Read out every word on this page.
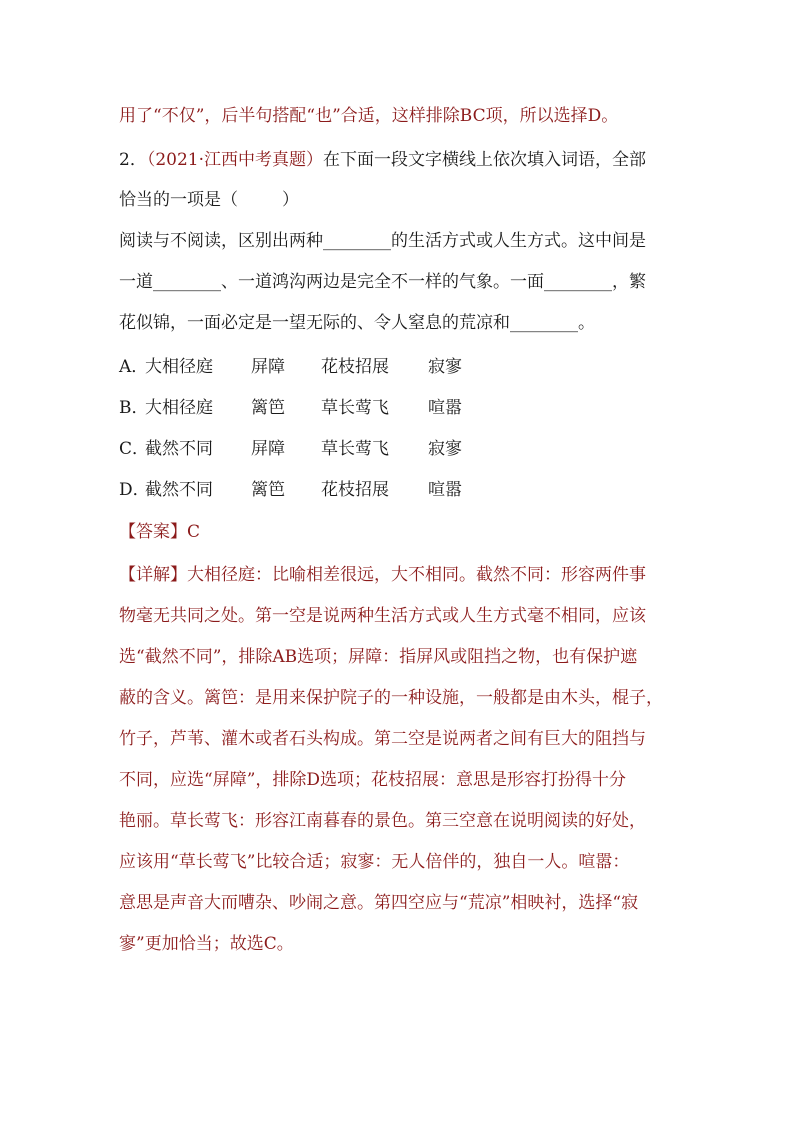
用了“不仅”，后半句搭配“也”合适，这样排除BC项，所以选择D。
2．（2021·江西中考真题）在下面一段文字横线上依次填入词语，全部
恰当的一项是（	）
阅读与不阅读，区别出两种________的生活方式或人生方式。这中间是
一道________、一道鸿沟两边是完全不一样的气象。一面________，繁
花似锦，一面必定是一望无际的、令人窒息的荒凉和________。
A．大相径庭 屏障 花枝招展 寂寥
B．大相径庭 篱笆 草长莺飞 喧嚣
C．截然不同 屏障 草长莺飞 寂寥
D．截然不同 篱笆 花枝招展 喧嚣
【答案】C
【详解】大相径庭：比喻相差很远，大不相同。截然不同：形容两件事
物毫无共同之处。第一空是说两种生活方式或人生方式毫不相同，应该
选“截然不同”，排除AB选项；屏障：指屏风或阻挡之物，也有保护遮
蔽的含义。篱笆：是用来保护院子的一种设施，一般都是由木头，棍子，
竹子，芦苇、灌木或者石头构成。第二空是说两者之间有巨大的阻挡与
不同，应选“屏障”，排除D选项；花枝招展：意思是形容打扮得十分
艳丽。草长莺飞：形容江南暮春的景色。第三空意在说明阅读的好处，
应该用“草长莺飞”比较合适；寂寥：无人倍伴的，独自一人。喧嚣：
意思是声音大而嘈杂、吵闹之意。第四空应与“荒凉”相映衬，选择“寂
寥”更加恰当；故选C。
